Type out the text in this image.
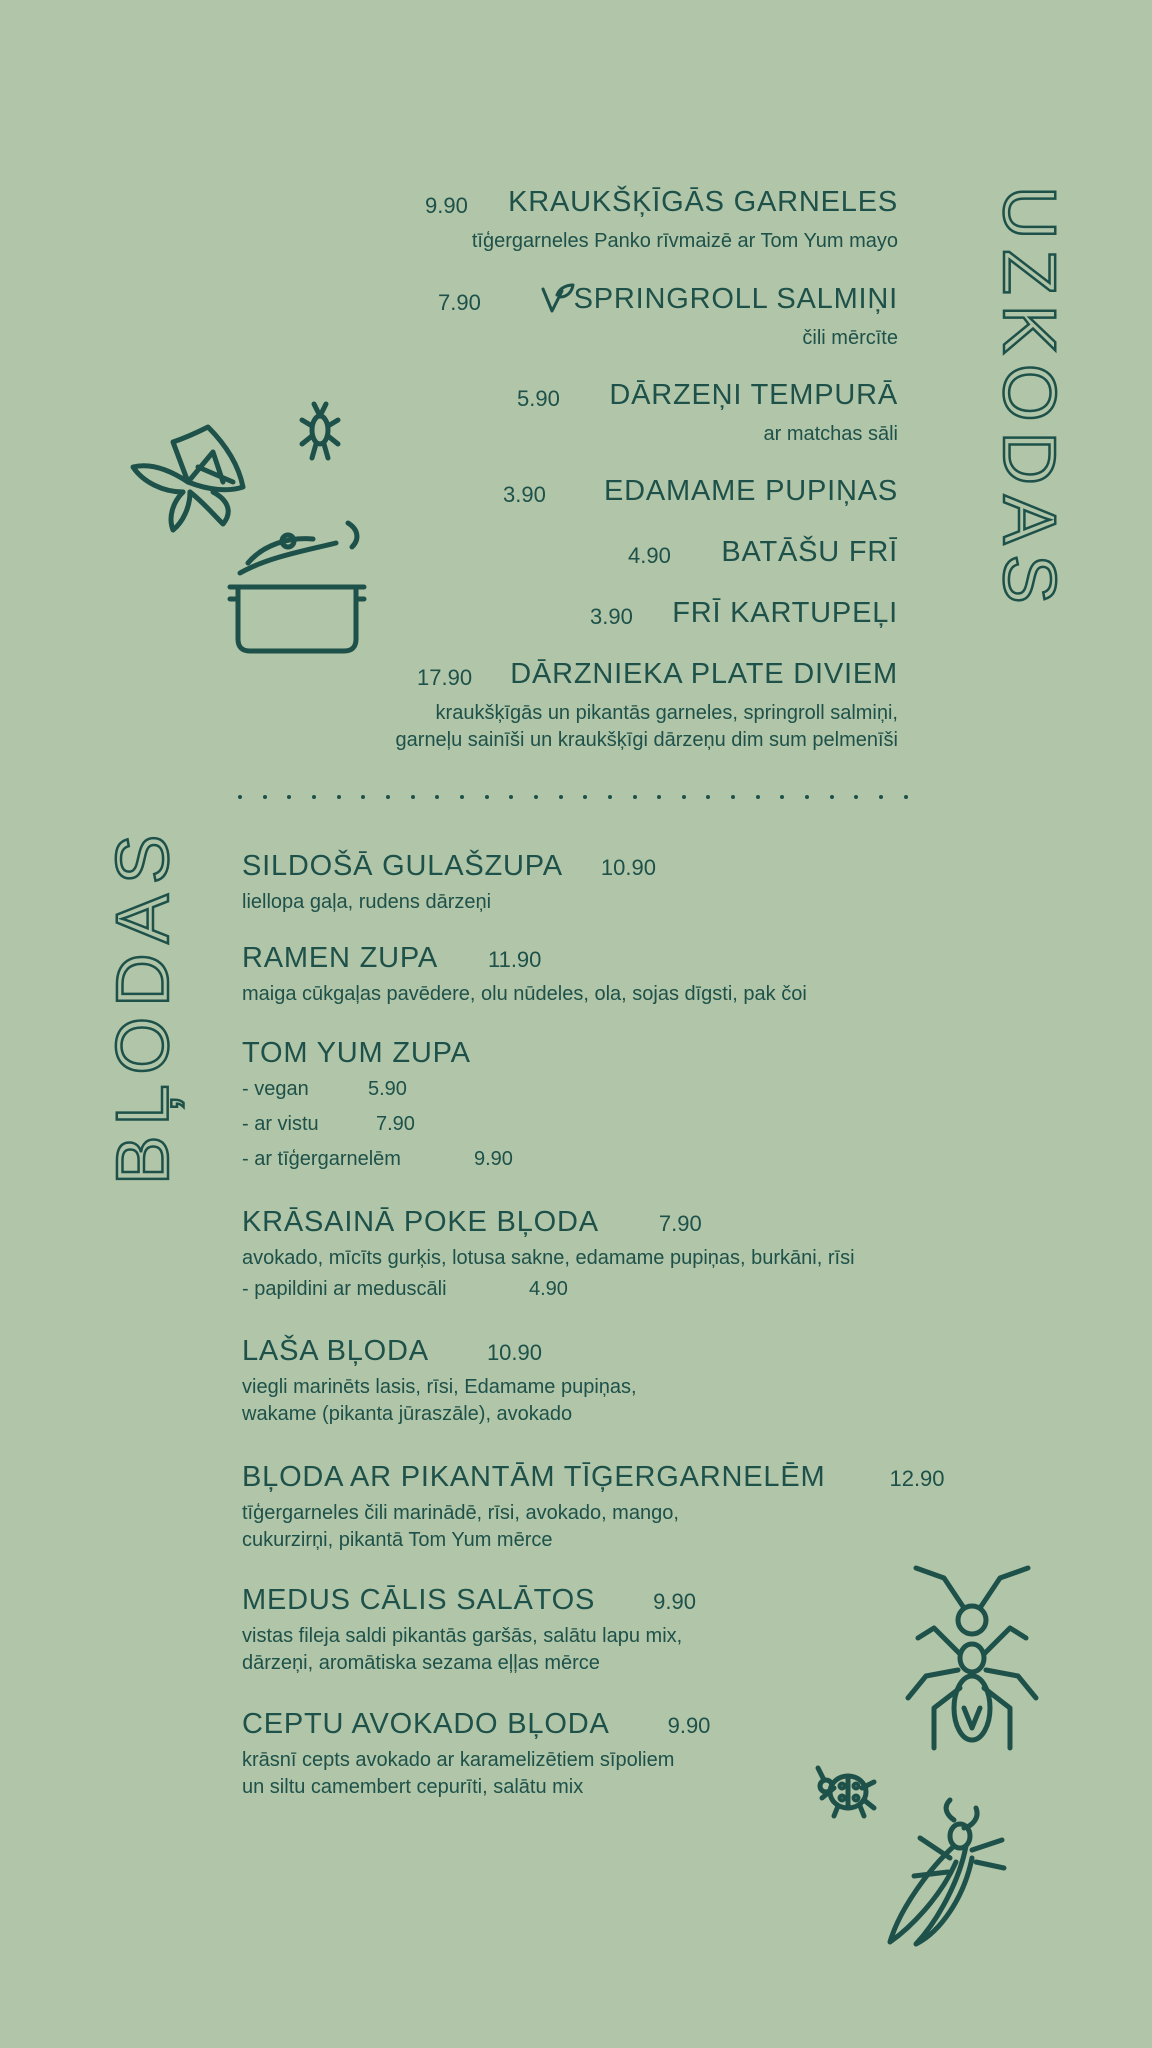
UZKODAS
BĻODAS
KRAUKŠĶĪGĀS GARNELES
9.90
tīģergarneles Panko rīvmaizē ar Tom Yum mayo
SPRINGROLL SALMIŅI
7.90
čili mērcīte
DĀRZEŅI TEMPURĀ
5.90
ar matchas sāli
EDAMAME PUPIŅAS
3.90
BATĀŠU FRĪ
4.90
FRĪ KARTUPEĻI
3.90
DĀRZNIEKA PLATE DIVIEM
17.90
kraukšķīgās un pikantās garneles, springroll salmiņi,
garneļu sainīši un kraukšķīgi dārzeņu dim sum pelmenīši
SILDOŠĀ GULAŠZUPA 10.90
liellopa gaļa, rudens dārzeņi
RAMEN ZUPA 11.90
maiga cūkgaļas pavēdere, olu nūdeles, ola, sojas dīgsti, pak čoi
TOM YUM ZUPA
- vegan	5.90
- ar vistu	7.90
- ar tīģergarnelēm	9.90
KRĀSAINĀ POKE BĻODA	7.90
avokado, mīcīts gurķis, lotusa sakne, edamame pupiņas, burkāni, rīsi
- papildini ar meduscāli	4.90
LAŠA BĻODA	10.90
viegli marinēts lasis, rīsi, Edamame pupiņas,
wakame (pikanta jūraszāle), avokado
BĻODA AR PIKANTĀM TĪĢERGARNELĒM	12.90
tīģergarneles čili marinādē, rīsi, avokado, mango,
cukurzirņi, pikantā Tom Yum mērce
MEDUS CĀLIS SALĀTOS	9.90
vistas fileja saldi pikantās garšās, salātu lapu mix,
dārzeņi, aromātiska sezama eļļas mērce
CEPTU AVOKADO BĻODA	9.90
krāsnī cepts avokado ar karamelizētiem sīpoliem
un siltu camembert cepurīti, salātu mix
